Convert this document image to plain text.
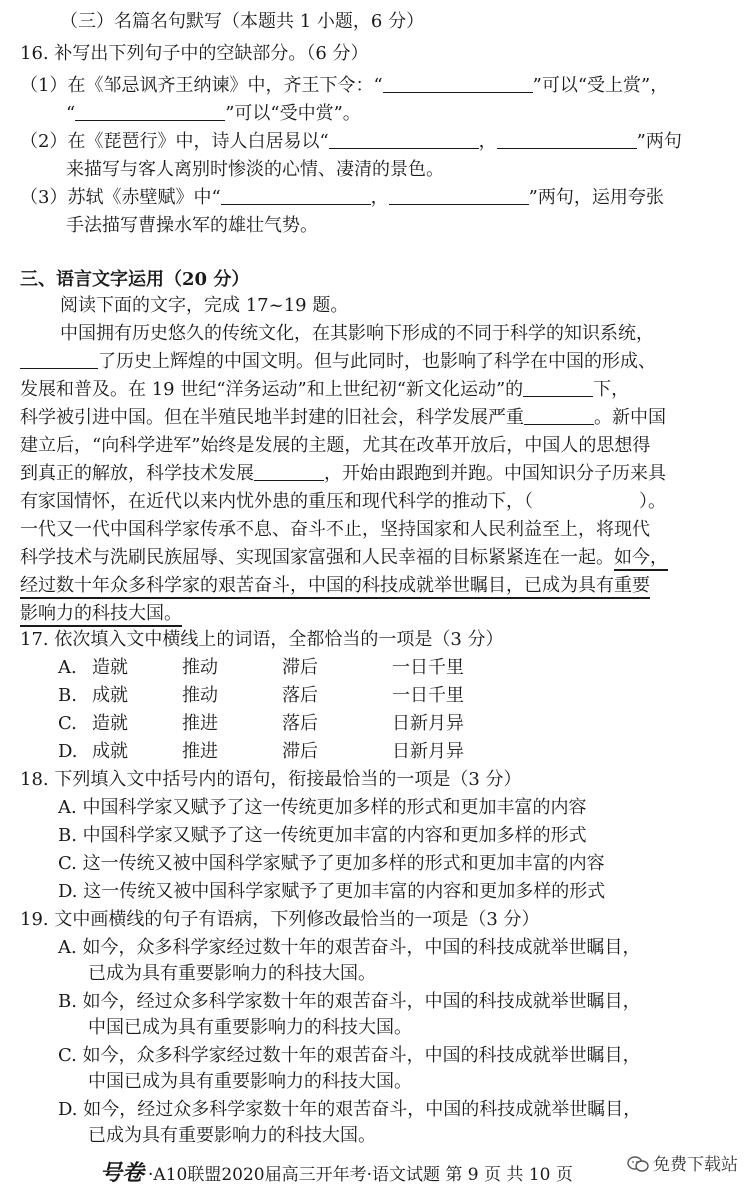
（三）名篇名句默写（本题共 1 小题，6 分）
16. 补写出下列句子中的空缺部分。（6 分）
（1）在《邹忌讽齐王纳谏》中，齐王下令：“	”可以“受上赏”，
“	”可以“受中赏”。
（2）在《琵琶行》中，诗人白居易以“	，	”两句
来描写与客人离别时惨淡的心情、凄清的景色。
（3）苏轼《赤壁赋》中“	，	”两句，运用夸张
手法描写曹操水军的雄壮气势。
三、语言文字运用（20 分）
阅读下面的文字，完成 17~19 题。
中国拥有历史悠久的传统文化，在其影响下形成的不同于科学的知识系统，
了历史上辉煌的中国文明。但与此同时，也影响了科学在中国的形成、
发展和普及。在 19 世纪“洋务运动”和上世纪初“新文化运动”的	下，
科学被引进中国。但在半殖民地半封建的旧社会，科学发展严重	。新中国
建立后，“向科学进军”始终是发展的主题，尤其在改革开放后，中国人的思想得
到真正的解放，科学技术发展	，开始由跟跑到并跑。中国知识分子历来具
有家国情怀，在近代以来内忧外患的重压和现代科学的推动下，（	）。
一代又一代中国科学家传承不息、奋斗不止，坚持国家和人民利益至上，将现代
科学技术与洗刷民族屈辱、实现国家富强和人民幸福的目标紧紧连在一起。如今，
经过数十年众多科学家的艰苦奋斗，中国的科技成就举世瞩目，已成为具有重要
影响力的科技大国。
17. 依次填入文中横线上的词语，全都恰当的一项是（3 分）
A. 造就	推动	滞后	一日千里
B. 成就	推动	落后	一日千里
C. 造就	推进	落后	日新月异
D. 成就	推进	滞后	日新月异
18. 下列填入文中括号内的语句，衔接最恰当的一项是（3 分）
A. 中国科学家又赋予了这一传统更加多样的形式和更加丰富的内容
B. 中国科学家又赋予了这一传统更加丰富的内容和更加多样的形式
C. 这一传统又被中国科学家赋予了更加多样的形式和更加丰富的内容
D. 这一传统又被中国科学家赋予了更加丰富的内容和更加多样的形式
19. 文中画横线的句子有语病，下列修改最恰当的一项是（3 分）
A. 如今，众多科学家经过数十年的艰苦奋斗，中国的科技成就举世瞩目，
已成为具有重要影响力的科技大国。
B. 如今，经过众多科学家数十年的艰苦奋斗，中国的科技成就举世瞩目，
中国已成为具有重要影响力的科技大国。
C. 如今，众多科学家经过数十年的艰苦奋斗，中国的科技成就举世瞩目，
中国已成为具有重要影响力的科技大国。
D. 如今，经过众多科学家数十年的艰苦奋斗，中国的科技成就举世瞩目，
已成为具有重要影响力的科技大国。
号卷 ·A10联盟2020届高三开年考·语文试题 第 9 页 共 10 页	免费下载站
